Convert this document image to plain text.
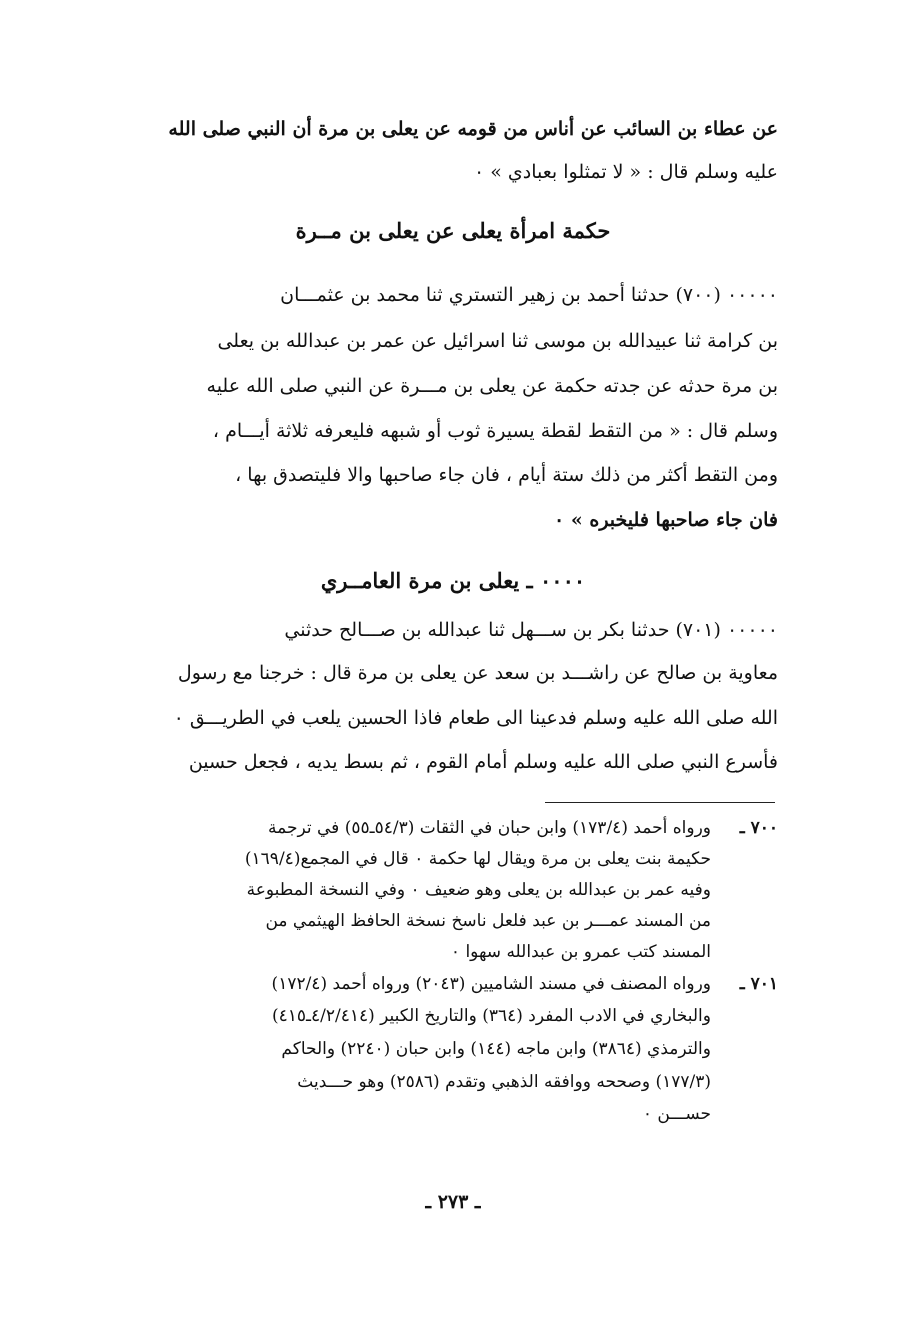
عن عطاء بن السائب عن أناس من قومه عن يعلى بن مرة أن النبي صلى الله
عليه وسلم قال : « لا تمثلوا بعبادي » ٠
حكمة امرأة يعلى عن يعلى بن مــرة
٠٠٠٠٠ (٧٠٠) حدثنا أحمد بن زهير التستري ثنا محمد بن عثمـــان
بن كرامة ثنا عبيدالله بن موسى ثنا اسرائيل عن عمر بن عبدالله بن يعلى
بن مرة حدثه عن جدته حكمة عن يعلى بن مـــرة عن النبي صلى الله عليه
وسلم قال : « من التقط لقطة يسيرة ثوب أو شبهه فليعرفه ثلاثة أيـــام ،
ومن التقط أكثر من ذلك ستة أيام ، فان جاء صاحبها والا فليتصدق بها ،
فان جاء صاحبها فليخبره » ٠
٠٠٠٠ ـ يعلى بن مرة العامــري
٠٠٠٠٠ (٧٠١) حدثنا بكر بن ســـهل ثنا عبدالله بن صـــالح حدثني
معاوية بن صالح عن راشـــد بن سعد عن يعلى بن مرة قال : خرجنا مع رسول
الله صلى الله عليه وسلم فدعينا الى طعام فاذا الحسين يلعب في الطريـــق ٠
فأسرع النبي صلى الله عليه وسلم أمام القوم ، ثم بسط يديه ، فجعل حسين
٧٠٠ ـ
ورواه أحمد (١٧٣/٤) وابن حبان في الثقات (٥٤/٣ـ٥٥) في ترجمة
حكيمة بنت يعلى بن مرة ويقال لها حكمة ٠ قال في المجمع(١٦٩/٤)
وفيه عمر بن عبدالله بن يعلى وهو ضعيف ٠ وفي النسخة المطبوعة
من المسند عمـــر بن عبد فلعل ناسخ نسخة الحافظ الهيثمي من
المسند كتب عمرو بن عبدالله سهوا ٠
٧٠١ ـ
ورواه المصنف في مسند الشاميين (٢٠٤٣) ورواه أحمد (١٧٢/٤)
والبخاري في الادب المفرد (٣٦٤) والتاريخ الكبير (٤/٢/٤١٤ـ٤١٥)
والترمذي (٣٨٦٤) وابن ماجه (١٤٤) وابن حبان (٢٢٤٠) والحاكم
(١٧٧/٣) وصححه ووافقه الذهبي وتقدم (٢٥٨٦) وهو حـــديث
حســـن ٠
ـ ٢٧٣ ـ
